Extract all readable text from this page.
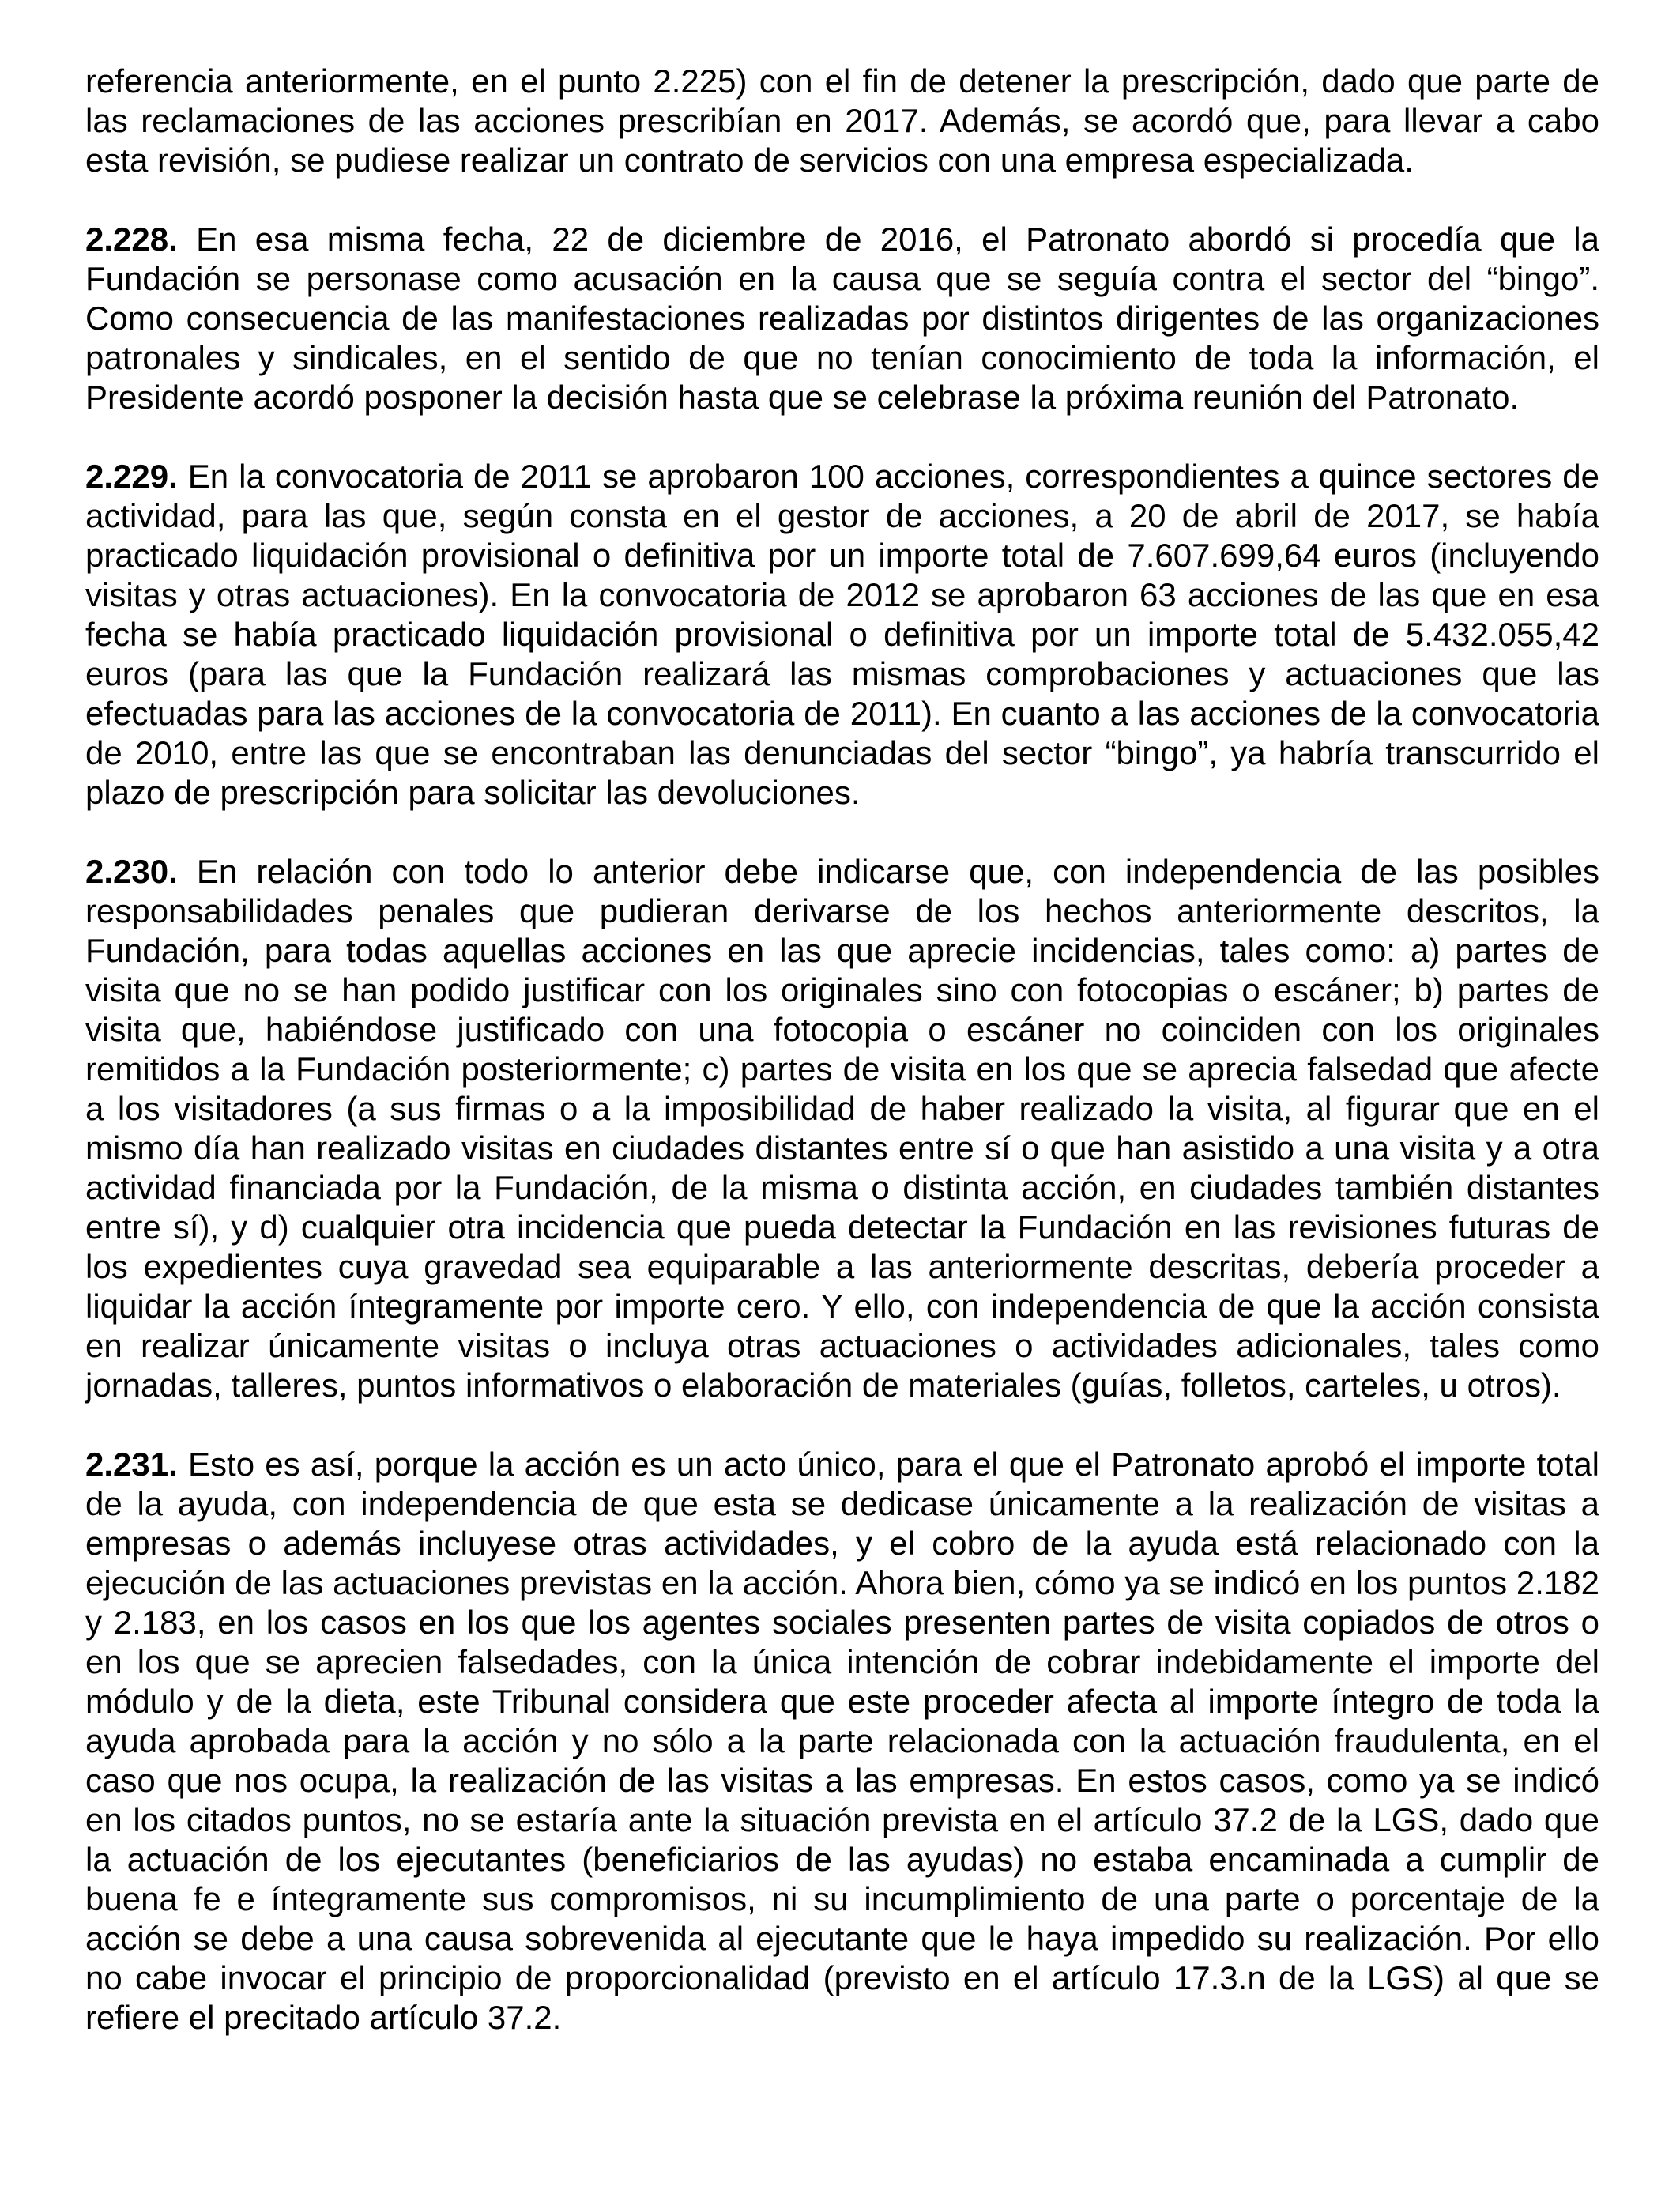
referencia anteriormente, en el punto 2.225) con el fin de detener la prescripción, dado que parte de las reclamaciones de las acciones prescribían en 2017. Además, se acordó que, para llevar a cabo esta revisión, se pudiese realizar un contrato de servicios con una empresa especializada.

2.228. En esa misma fecha, 22 de diciembre de 2016, el Patronato abordó si procedía que la Fundación se personase como acusación en la causa que se seguía contra el sector del “bingo”. Como consecuencia de las manifestaciones realizadas por distintos dirigentes de las organizaciones patronales y sindicales, en el sentido de que no tenían conocimiento de toda la información, el Presidente acordó posponer la decisión hasta que se celebrase la próxima reunión del Patronato.

2.229. En la convocatoria de 2011 se aprobaron 100 acciones, correspondientes a quince sectores de actividad, para las que, según consta en el gestor de acciones, a 20 de abril de 2017, se había practicado liquidación provisional o definitiva por un importe total de 7.607.699,64 euros (incluyendo visitas y otras actuaciones). En la convocatoria de 2012 se aprobaron 63 acciones de las que en esa fecha se había practicado liquidación provisional o definitiva por un importe total de 5.432.055,42 euros (para las que la Fundación realizará las mismas comprobaciones y actuaciones que las efectuadas para las acciones de la convocatoria de 2011). En cuanto a las acciones de la convocatoria de 2010, entre las que se encontraban las denunciadas del sector “bingo”, ya habría transcurrido el plazo de prescripción para solicitar las devoluciones.

2.230. En relación con todo lo anterior debe indicarse que, con independencia de las posibles responsabilidades penales que pudieran derivarse de los hechos anteriormente descritos, la Fundación, para todas aquellas acciones en las que aprecie incidencias, tales como: a) partes de visita que no se han podido justificar con los originales sino con fotocopias o escáner; b) partes de visita que, habiéndose justificado con una fotocopia o escáner no coinciden con los originales remitidos a la Fundación posteriormente; c) partes de visita en los que se aprecia falsedad que afecte a los visitadores (a sus firmas o a la imposibilidad de haber realizado la visita, al figurar que en el mismo día han realizado visitas en ciudades distantes entre sí o que han asistido a una visita y a otra actividad financiada por la Fundación, de la misma o distinta acción, en ciudades también distantes entre sí), y d) cualquier otra incidencia que pueda detectar la Fundación en las revisiones futuras de los expedientes cuya gravedad sea equiparable a las anteriormente descritas, debería proceder a liquidar la acción íntegramente por importe cero. Y ello, con independencia de que la acción consista en realizar únicamente visitas o incluya otras actuaciones o actividades adicionales, tales como jornadas, talleres, puntos informativos o elaboración de materiales (guías, folletos, carteles, u otros).

2.231. Esto es así, porque la acción es un acto único, para el que el Patronato aprobó el importe total de la ayuda, con independencia de que esta se dedicase únicamente a la realización de visitas a empresas o además incluyese otras actividades, y el cobro de la ayuda está relacionado con la ejecución de las actuaciones previstas en la acción. Ahora bien, cómo ya se indicó en los puntos 2.182 y 2.183, en los casos en los que los agentes sociales presenten partes de visita copiados de otros o en los que se aprecien falsedades, con la única intención de cobrar indebidamente el importe del módulo y de la dieta, este Tribunal considera que este proceder afecta al importe íntegro de toda la ayuda aprobada para la acción y no sólo a la parte relacionada con la actuación fraudulenta, en el caso que nos ocupa, la realización de las visitas a las empresas. En estos casos, como ya se indicó en los citados puntos, no se estaría ante la situación prevista en el artículo 37.2 de la LGS, dado que la actuación de los ejecutantes (beneficiarios de las ayudas) no estaba encaminada a cumplir de buena fe e íntegramente sus compromisos, ni su incumplimiento de una parte o porcentaje de la acción se debe a una causa sobrevenida al ejecutante que le haya impedido su realización. Por ello no cabe invocar el principio de proporcionalidad (previsto en el artículo 17.3.n de la LGS) al que se refiere el precitado artículo 37.2.
